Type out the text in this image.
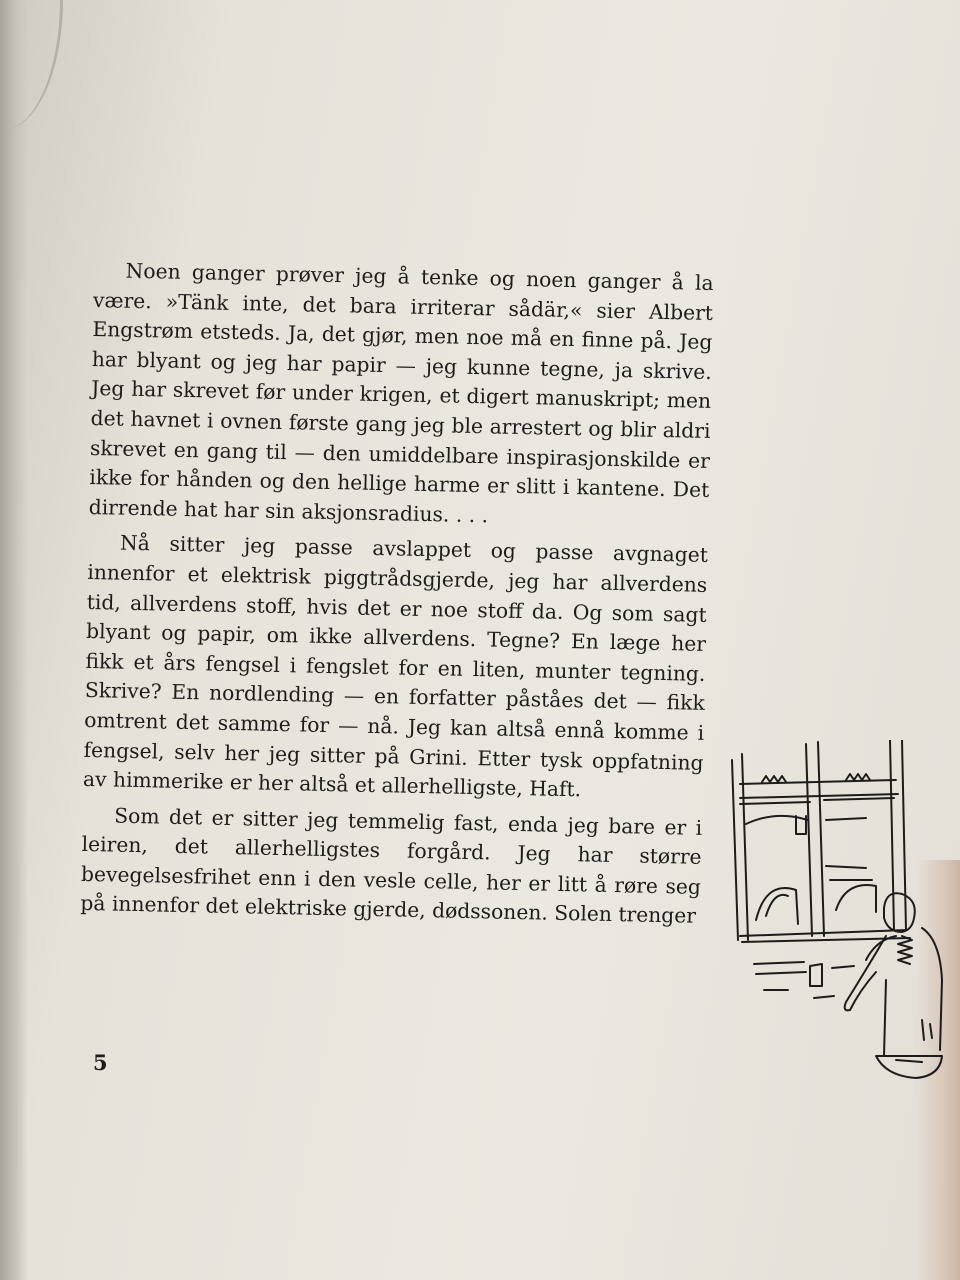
Noen ganger prøver jeg å tenke og noen ganger å la være. »Tänk inte, det bara irriterar sådär,« sier Albert Engstrøm etsteds. Ja, det gjør, men noe må en finne på. Jeg har blyant og jeg har papir — jeg kunne tegne, ja skrive. Jeg har skrevet før under krigen, et digert manuskript; men det havnet i ovnen første gang jeg ble arrestert og blir aldri skrevet en gang til — den umiddelbare inspirasjonskilde er ikke for hånden og den hellige harme er slitt i kantene. Det dirrende hat har sin aksjonsradius. . . .

Nå sitter jeg passe avslappet og passe avgnaget innenfor et elektrisk piggtrådsgjerde, jeg har allverdens tid, allverdens stoff, hvis det er noe stoff da. Og som sagt blyant og papir, om ikke allverdens. Tegne? En læge her fikk et års fengsel i fengslet for en liten, munter tegning. Skrive? En nordlending — en forfatter påståes det — fikk omtrent det samme for — nå. Jeg kan altså ennå komme i fengsel, selv her jeg sitter på Grini. Etter tysk oppfatning av himmerike er her altså et allerhelligste, Haft.

Som det er sitter jeg temmelig fast, enda jeg bare er i leiren, det allerhelligstes forgård. Jeg har større bevegelsesfrihet enn i den vesle celle, her er litt å røre seg på innenfor det elektriske gjerde, dødssonen. Solen trenger

5
